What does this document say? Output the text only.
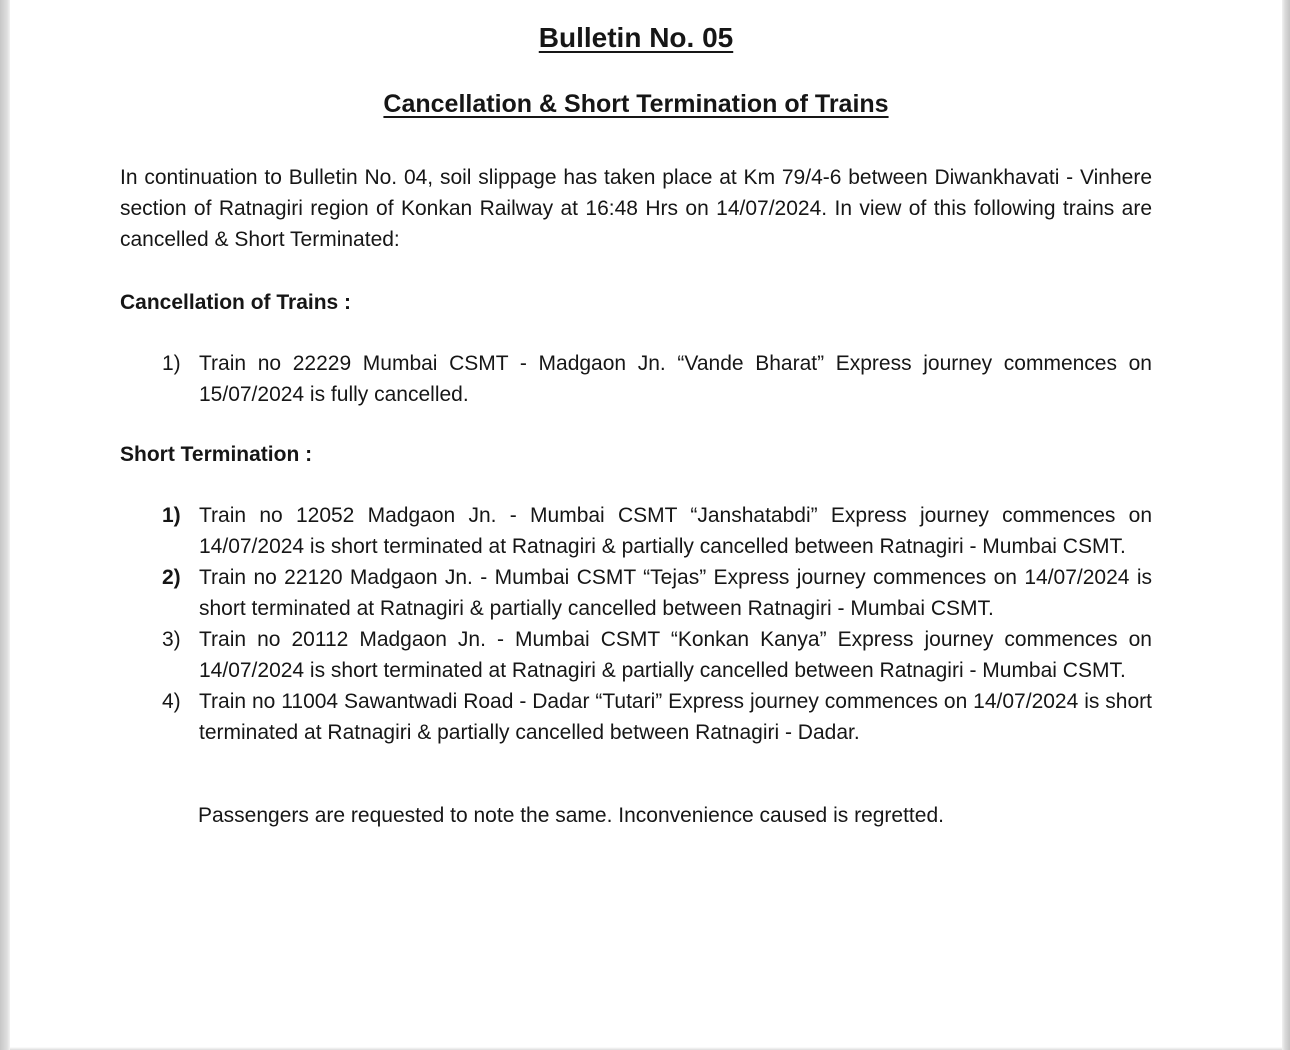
Bulletin No. 05
Cancellation & Short Termination of Trains

In continuation to Bulletin No. 04, soil slippage has taken place at Km 79/4-6 between Diwankhavati - Vinhere section of Ratnagiri region of Konkan Railway at 16:48 Hrs on 14/07/2024. In view of this following trains are cancelled & Short Terminated:

Cancellation of Trains :
1) Train no 22229 Mumbai CSMT - Madgaon Jn. “Vande Bharat” Express journey commences on 15/07/2024 is fully cancelled.
Short Termination :
1) Train no 12052 Madgaon Jn. - Mumbai CSMT “Janshatabdi” Express journey commences on 14/07/2024 is short terminated at Ratnagiri & partially cancelled between Ratnagiri - Mumbai CSMT.
2) Train no 22120 Madgaon Jn. - Mumbai CSMT “Tejas” Express journey commences on 14/07/2024 is short terminated at Ratnagiri & partially cancelled between Ratnagiri - Mumbai CSMT.
3) Train no 20112 Madgaon Jn. - Mumbai CSMT “Konkan Kanya” Express journey commences on 14/07/2024 is short terminated at Ratnagiri & partially cancelled between Ratnagiri - Mumbai CSMT.
4) Train no 11004 Sawantwadi Road - Dadar “Tutari” Express journey commences on 14/07/2024 is short terminated at Ratnagiri & partially cancelled between Ratnagiri - Dadar.

Passengers are requested to note the same. Inconvenience caused is regretted.
